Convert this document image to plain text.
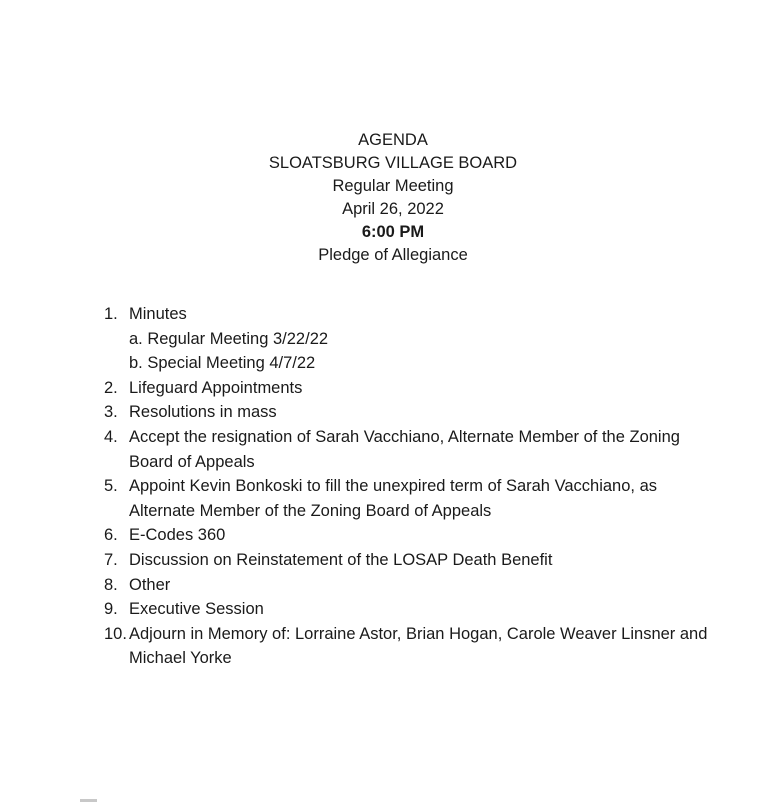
AGENDA
SLOATSBURG VILLAGE BOARD
Regular Meeting
April 26, 2022
6:00 PM
Pledge of Allegiance
1. Minutes
a. Regular Meeting 3/22/22
b. Special Meeting 4/7/22
2. Lifeguard Appointments
3. Resolutions in mass
4. Accept the resignation of Sarah Vacchiano, Alternate Member of the Zoning Board of Appeals
5. Appoint Kevin Bonkoski to fill the unexpired term of Sarah Vacchiano, as Alternate Member of the Zoning Board of Appeals
6. E-Codes 360
7. Discussion on Reinstatement of the LOSAP Death Benefit
8. Other
9. Executive Session
10. Adjourn in Memory of: Lorraine Astor, Brian Hogan, Carole Weaver Linsner and Michael Yorke
